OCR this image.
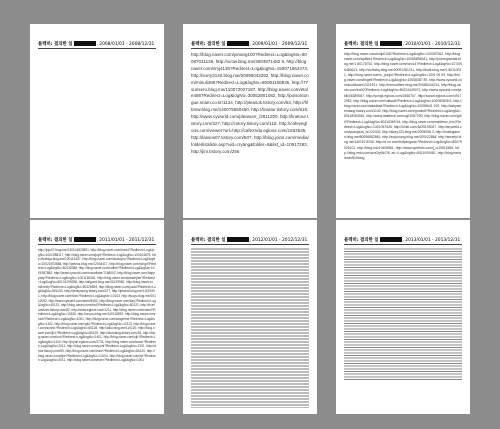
블렉히: 결의한 일	, 2008/01/01 - 2008/12/31	블렉히: 결의한 일	, 2009/01/01 - 2009/12/31
http://blog.naver.com/pinang100?Redirect=Log&logNo=80087031136, http://victw.blog.me/3004871482 9, http://blog.naver.com/smj4136?Redirect=Log&logNo=150071862473, http://sorry3120.blog.me/20095043292, http://blog.naver.com/minuli486?Redirect=Log&logNo=80091106835, http://77sunsero.blog.me/110072027187, http://blog.naver.com/etole486?Redirect=Log&logNo=30052801082, http://poisontongue.snam.co.kr/1134, http://pleasok.tistory.com/53, http://hlbmw.blog.me/140075650450, http://liniatur.tistory.com/518, http://www.cyworld.com/pleasure_/2811200, http://linetour.tistory.com/327, http://cstory.tistory.com/118, http://cafeyegloos.com/viewer?url=http://cafe2nda.egloos.com/1593535, http://lassos07.tistory.com/507, http://blog.joins.com/media/folderlistslide.asp?uid=cryang&folder=8&list_id=10917292, http://jinr.tistory.com/256
블렉히: 결의한 일	, 2010/01/01 - 2010/12/31
http://blog.naver.com/solip0108?Redirect=Log&logNo=100097062, http://blog.naver.com/wjdtkd4 Redirect=Log&logNo=10085896341, http://pomegranate.blog.me/1 80176752, http://blog.naver.com/roro14?Redirect=Log&logNo=10 0096460613, http://vichwbq.blog.me/30091281211, http://kvdk.blog.me/1 80110021. http://blog.naver.com/n_youjui?Redirect=Log&logNo=1301 09 09. http://blog.naver.com/lingetl?Redirect=Log&logNo=10008087 89. http://www.cyworld.com/scottlower/2321921, http://minnuriberr.blog.me/20088444214, http://blog.naver.com/bn00?Redirect=Log&logNo=80224449072, http://www.cyworld.com/jaklli3/6389067, http://yongk.egloos.com/2466767, http://sarari.egloos.com/4917 2952, http://blog.naver.com/mitsuki?Redirect=Log&logNo=100080828 8, http://blog.naver.com/daksdkak?Redirect=Log&logNo=10098641 109, http://dsbyweendaug.tistory.com/1140, http://blog.naver.com/gumin8?Redirect=Log&logNo=80118083081, http://www.datelove.com/cgi/1067299, http://blog.naver.com/gnfll?Redirect=Log&logNo=80116369 54, http://blog.naver.com/matthew_kim?Redirect=Log&logNo=1401057026, http://kinki.com/4625193047, http://anyweld.com/yuanjizos_is/122402, http://story123.blog.me/2009098 3, http://hostugarsis.blog.me/80098882861, http://soyooung.blog.me/100022884, http://smartyi.blog.me/140119 8206, http://d eo.com/fullyanganic?Redirect=Log&logNo=80079926101, http://blog.me/10406961, http://www.sjvetinfo.com/j_c/10811586, http://blog.mrkl.com/a/nOrjr5b7/6, a/r:=Log&logNo=8011009081, http://blog.me/admin/8/4/blog
블렉히: 결의한 일	, 2011/01/01 - 2011/12/31
http://juju07.blog.me/130104823891, http://blog.naver.com/hnoi4?Redirect=Log&logNo=1001988117, http://blog.naver.com/joye?Redirect=Log&logNo=100104876, http://babiya.blog.me/100113457, http://blog.naver.com/dooiuyou?Redirect=Log&logNo=10021903688, http://pienus.blog.me/12004417, http://blog.naver.com/ningd?Redirect=Log&logNo=80135388, http://blog.naver.com/coffee?Redirect=Log&logNo=1001987882, http://www.cyworld.com/snowflake/7188002, http://blog.naver.com/happyday?Redirect=Log&logNo=1001138481, http://blog.naver.com/peachjlee?Redirect=Log&logNo=80131299398, http://allgood.blog.me/20129960, http://blog.naver.com/lovely?Redirect=Log&logNo=80125894, http://blog.naver.com/yuuki?Redirect=Log&logNo=801100, http://deokyoung.tistory.com/227, http://ipkwok.blog.me/11021901, http://blog.naver.com/shin?Redirect=Log&logNo=10103, http://tuoyo.blog.me/20110092, http://www.cyworld.com/amin/8180, http://blog.naver.com/kay?Redirect=Log&logNo=40131, http://blog.naver.com/ddd?Redirect=Log&logNo=80121, http://ricefoodlove.tistory.com/82, http://www.egloos.com/1211, http://blog.naver.com/cheoil?Redirect=Log&logNo=10105, http://onyou.blog.me/140118992, http://blog.naver.com/nick?Redirect=Log&logNo=1001, http://blog.naver.com/tangerine?Redirect=Log&logNo=1302, http://blog.naver.com/glui?Redirect=Log&logNo=10113, http://blog.naver.com/sshnn?Redirect=Log&logNo=80128, http://aiko.blog.me/110120, http://blog.naver.com/jb1?Redirect=Log&logNo=80125, http://storsblog.tistory.com/18, http://blog.naver.com/hun?Redirect=Log&logNo=1401, http://blog.naver.com/ojh?Redirect=Log&logNo=1100, http://jupun.egloos.com/2731, http://blog.naver.com/kwon?Redirect=Log&logNo=2011, http://blog.naver.com/yumi?Redirect=Log&logNo=1301, http://amor.tistory.com/59, http://blog.naver.com/tnine?Redirect=Log&logNo=80120, http://blog.naver.com/dpe?Redirect=Log&logNo=10104, http://blog.naver.com/lcl?Redirect=Log&logNo=3011, http://blog.naver.com/ruler?Redirect=Log&logNo=1001
블렉히: 결의한 일	, 2012/01/01 - 2012/12/31	블렉히: 결의한 일	, 2013/01/01 - 2013/12/31
